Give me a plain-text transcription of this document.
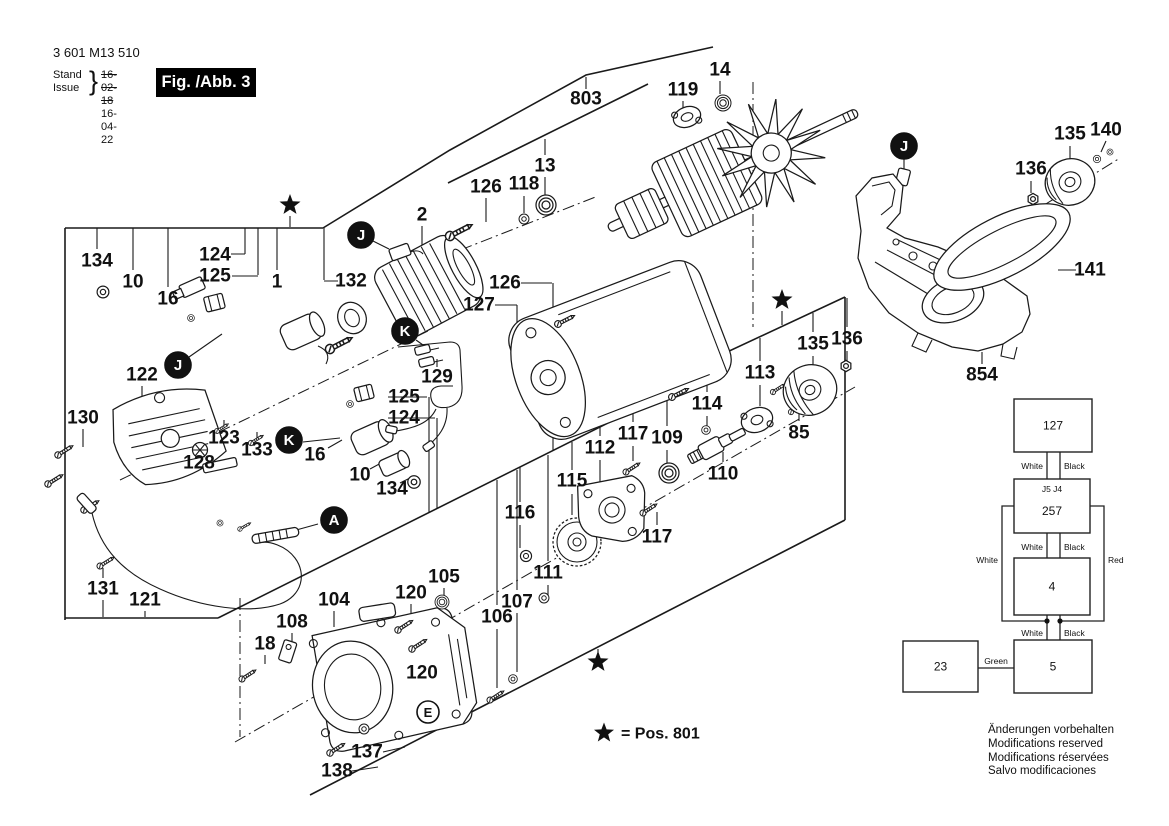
3 601 M13 510
Stand
Issue } 16-02-18
16-04-22
Fig. /Abb. 3
127
257
J5 J4
4
5
23
White Black
White Black
White	Red
White Black
Green
134
10
16
124
125 1	132
2
803
126 118
13
119
14
122
130
123
128
133 16
10
134
125
124
129
127
126
131
121
105
120
104
108
18
106
107
111
116
115
112
117 109
114
113
110
117
85
135 136
120
137
138
135 140
136
141
854
J
J
J
K
K
A
E
= Pos. 801	Änderungen vorbehalten
Modifications reserved
Modifications réservées
Salvo modificaciones
